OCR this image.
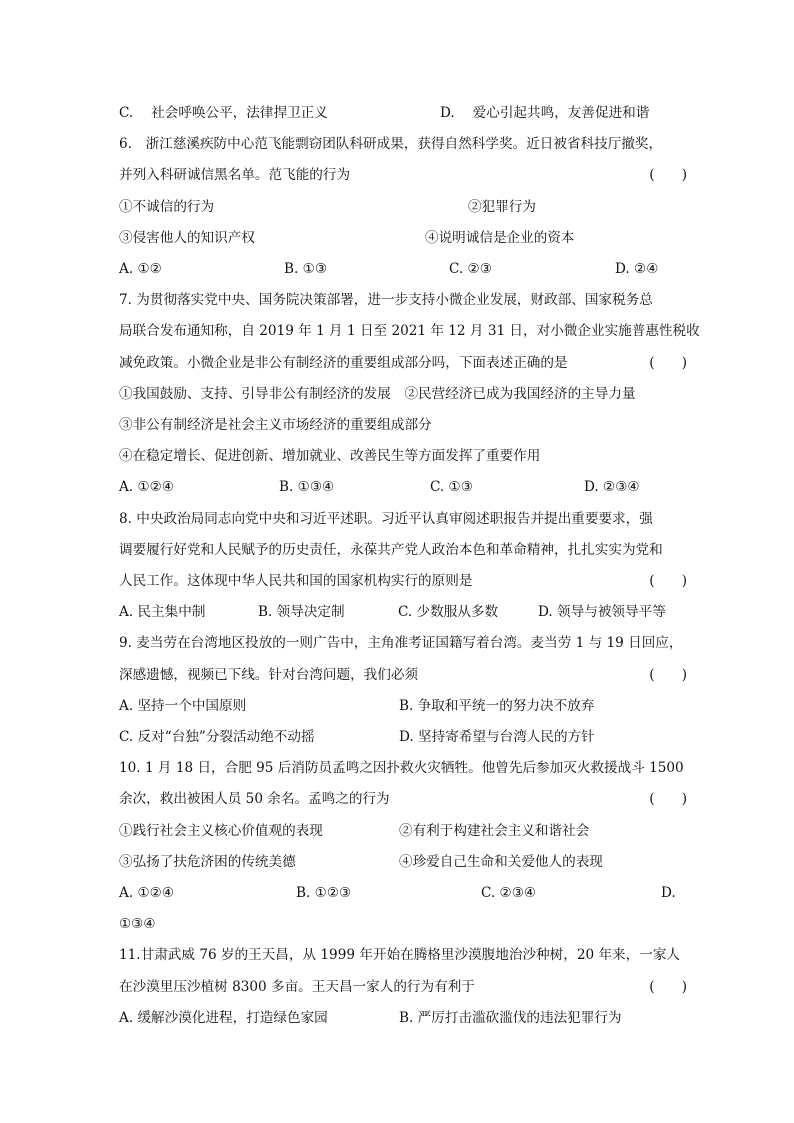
C.　 社会呼唤公平，法律捍卫正义	D.　 爱心引起共鸣，友善促进和谐
6.　浙江慈溪疾防中心范飞能剽窃团队科研成果，获得自然科学奖。近日被省科技厅撤奖，
并列入科研诚信黑名单。范飞能的行为	(　　)
①不诚信的行为	②犯罪行为
③侵害他人的知识产权	④说明诚信是企业的资本
A. ①②	B. ①③	C. ②③	D. ②④
7. 为贯彻落实党中央、国务院决策部署，进一步支持小微企业发展，财政部、国家税务总
局联合发布通知称，自 2019 年 1 月 1 日至 2021 年 12 月 31 日，对小微企业实施普惠性税收
减免政策。小微企业是非公有制经济的重要组成部分吗，下面表述正确的是	(　　)
①我国鼓励、支持、引导非公有制经济的发展　②民营经济已成为我国经济的主导力量
③非公有制经济是社会主义市场经济的重要组成部分
④在稳定增长、促进创新、增加就业、改善民生等方面发挥了重要作用
A. ①②④	B. ①③④	C. ①③	D. ②③④
8. 中央政治局同志向党中央和习近平述职。习近平认真审阅述职报告并提出重要要求，强
调要履行好党和人民赋予的历史责任，永葆共产党人政治本色和革命精神，扎扎实实为党和
人民工作。这体现中华人民共和国的国家机构实行的原则是	(　　)
A. 民主集中制	B. 领导决定制	C. 少数服从多数	D. 领导与被领导平等
9. 麦当劳在台湾地区投放的一则广告中，主角准考证国籍写着台湾。麦当劳 1 与 19 日回应，
深感遗憾，视频已下线。针对台湾问题，我们必须	(　　)
A. 坚持一个中国原则	B. 争取和平统一的努力决不放弃
C. 反对“台独”分裂活动绝不动摇	D. 坚持寄希望与台湾人民的方针
10. 1 月 18 日，合肥 95 后消防员孟鸣之因扑救火灾牺牲。他曾先后参加灭火救援战斗 1500
余次，救出被困人员 50 余名。孟鸣之的行为	(　　)
①践行社会主义核心价值观的表现	②有利于构建社会主义和谐社会
③弘扬了扶危济困的传统美德	④珍爱自己生命和关爱他人的表现
A. ①②④	B. ①②③	C. ②③④	D.
①③④
11.甘肃武威 76 岁的王天昌，从 1999 年开始在腾格里沙漠腹地治沙种树，20 年来，一家人
在沙漠里压沙植树 8300 多亩。王天昌一家人的行为有利于	(　　)
A. 缓解沙漠化进程，打造绿色家园	B. 严厉打击滥砍滥伐的违法犯罪行为
